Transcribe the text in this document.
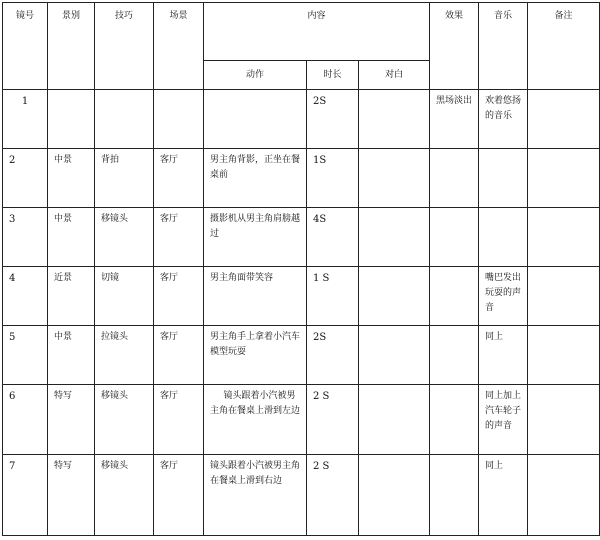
镜号	景别	技巧	场景	内容			效果	音乐	备注
				动作	时长	对白			
1					2S		黑场淡出	欢着悠扬的音乐	
2	中景	背拍	客厅	男主角背影，正坐在餐桌前	1S				
3	中景	移镜头	客厅	摄影机从男主角肩膀越过	4S				
4	近景	切镜	客厅	男主角面带笑容	1 S			嘴巴发出玩耍的声音	
5	中景	拉镜头	客厅	男主角手上拿着小汽车模型玩耍	2S			同上	
6	特写	移镜头	客厅	镜头跟着小汽被男主角在餐桌上滑到左边	2 S			同上加上汽车轮子的声音	
7	特写	移镜头	客厅	镜头跟着小汽被男主角在餐桌上滑到右边	2 S			同上	
